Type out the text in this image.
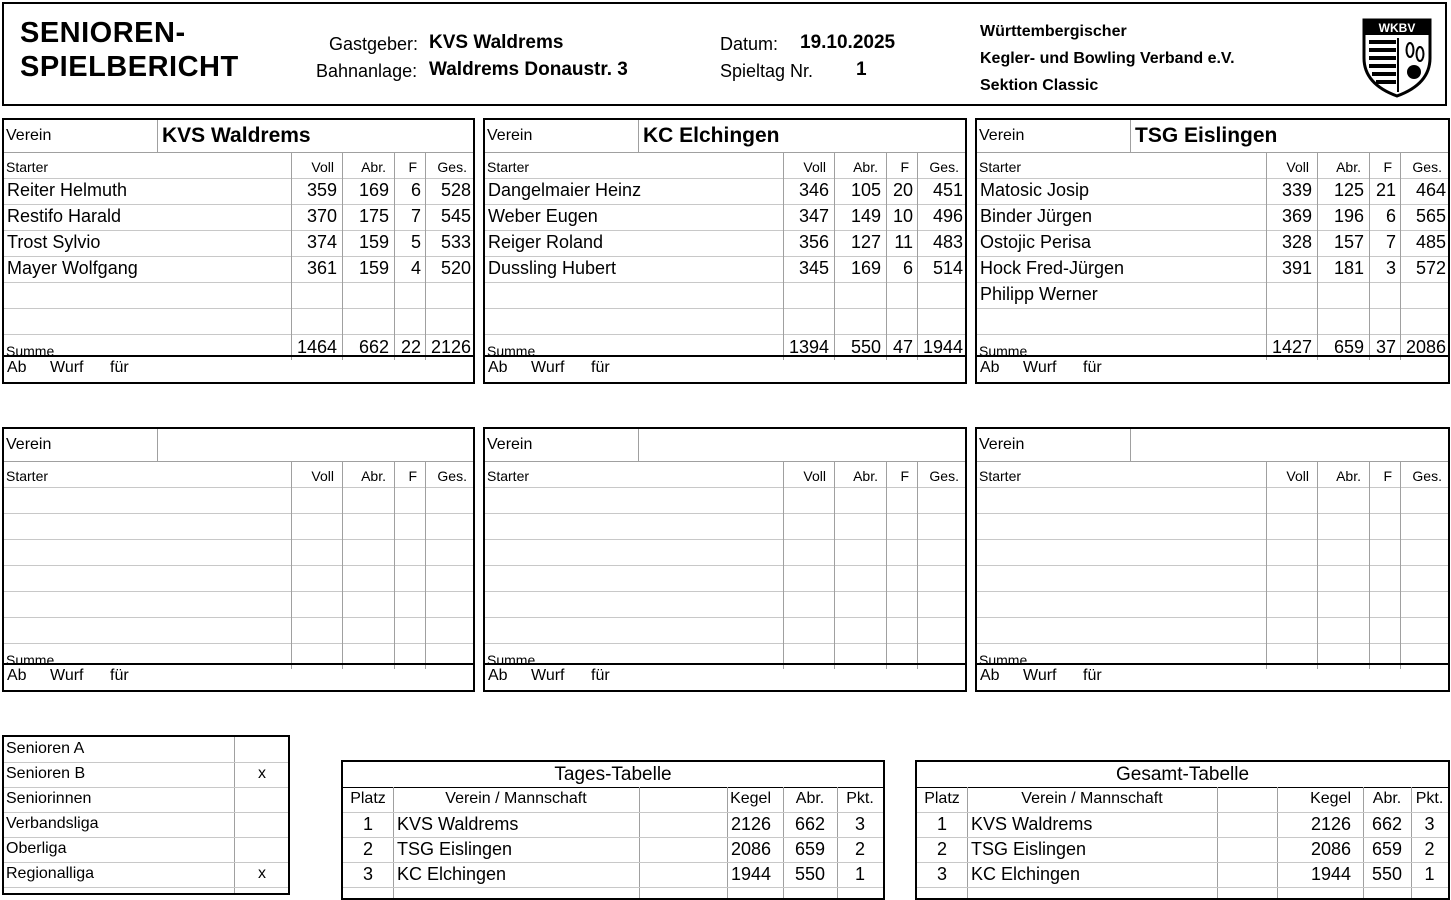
SENIOREN-
SPIELBERICHT
Gastgeber: KVS Waldrems
Bahnanlage: Waldrems Donaustr. 3
Datum: 19.10.2025
Spieltag Nr. 1
Württembergischer
Kegler- und Bowling Verband e.V.
Sektion Classic
WKBV
Verein	KVS Waldrems
Starter	Voll	Abr.	F	Ges.
Reiter Helmuth	359	169	6	528
Restifo Harald	370	175	7	545
Trost Sylvio	374	159	5	533
Mayer Wolfgang	361	159	4	520
Summe	1464	662 22 2126
Ab Wurf für
Verein	KC Elchingen
Starter	Voll	Abr.	F	Ges.
Dangelmaier Heinz	346	105 20	451
Weber Eugen	347	149 10	496
Reiger Roland	356	127 11	483
Dussling Hubert	345	169	6	514
Summe	1394	550 47 1944
Ab Wurf für
Verein	TSG Eislingen
Starter	Voll	Abr.	F	Ges.
Matosic Josip	339	125 21	464
Binder Jürgen	369	196	6	565
Ostojic Perisa	328	157	7	485
Hock Fred-Jürgen	391	181	3	572
Philipp Werner
Summe	1427	659 37 2086
Ab Wurf für
Verein
Starter	Voll	Abr.	F	Ges.
Summe
Ab Wurf für
Verein
Starter	Voll	Abr.	F	Ges.
Summe
Ab Wurf für
Verein
Starter	Voll	Abr.	F	Ges.
Summe
Ab Wurf für
Senioren A
Senioren B	x
Seniorinnen
Verbandsliga
Oberliga
Regionalliga	x
Tages-Tabelle
Platz	Verein / Mannschaft	Kegel	Abr.	Pkt.
1	KVS Waldrems	2126	662	3
2	TSG Eislingen	2086	659	2
3	KC Elchingen	1944	550	1
Gesamt-Tabelle
Platz	Verein / Mannschaft	Kegel	Abr. Pkt.
1	KVS Waldrems	2126	662	3
2	TSG Eislingen	2086	659	2
3	KC Elchingen	1944	550	1
